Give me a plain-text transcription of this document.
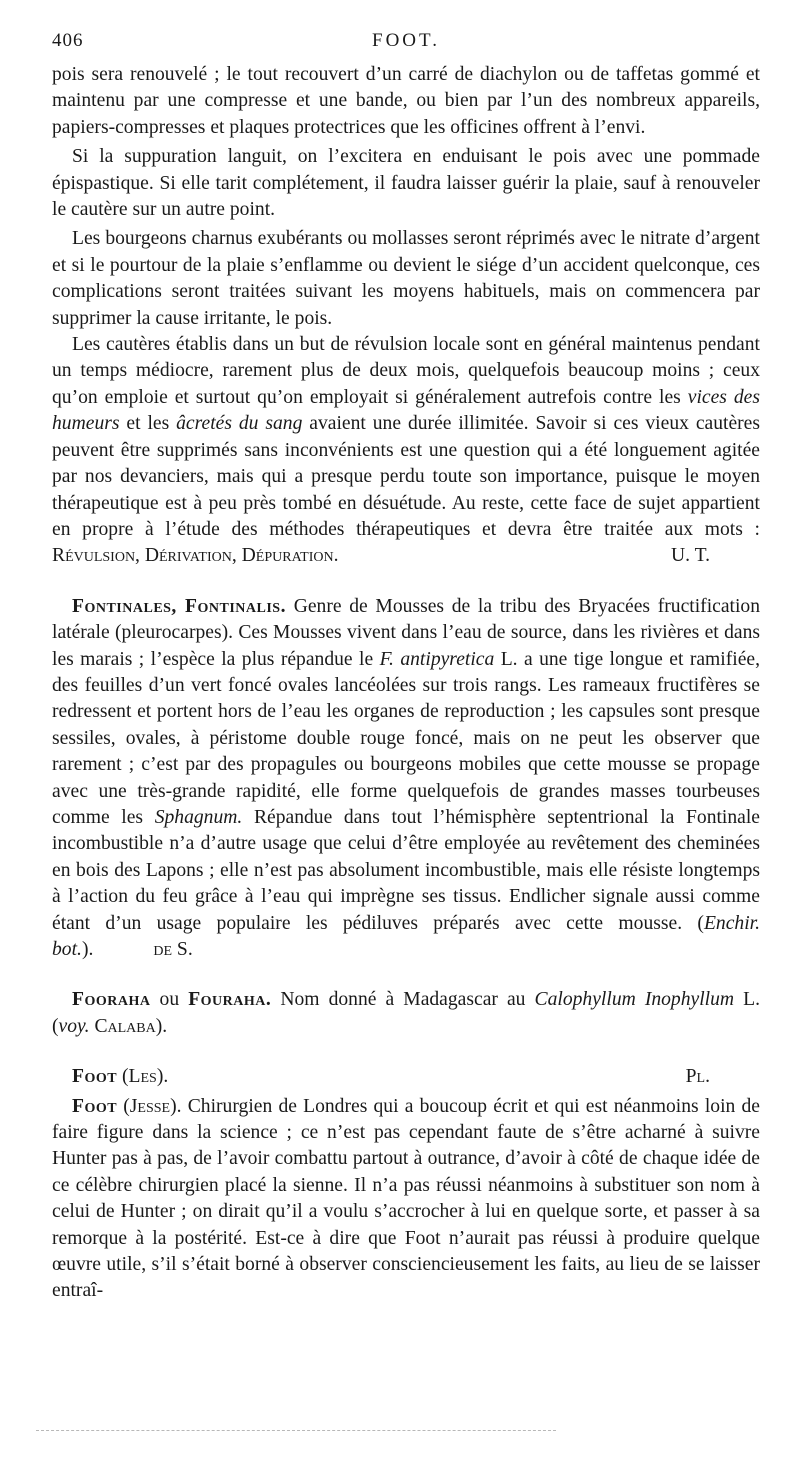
406	FOOT.

pois sera renouvelé ; le tout recouvert d’un carré de diachylon ou de taffetas gommé et maintenu par une compresse et une bande, ou bien par l’un des nombreux appareils, papiers-compresses et plaques protectrices que les officines offrent à l’envi.

Si la suppuration languit, on l’excitera en enduisant le pois avec une pommade épispastique. Si elle tarit complétement, il faudra laisser guérir la plaie, sauf à renouveler le cautère sur un autre point.

Les bourgeons charnus exubérants ou mollasses seront réprimés avec le nitrate d’argent et si le pourtour de la plaie s’enflamme ou devient le siége d’un accident quelconque, ces complications seront traitées suivant les moyens habituels, mais on commencera par supprimer la cause irritante, le pois.

Les cautères établis dans un but de révulsion locale sont en général maintenus pendant un temps médiocre, rarement plus de deux mois, quelquefois beaucoup moins ; ceux qu’on emploie et surtout qu’on employait si généralement autrefois contre les vices des humeurs et les âcretés du sang avaient une durée illimitée. Savoir si ces vieux cautères peuvent être supprimés sans inconvénients est une question qui a été longuement agitée par nos devanciers, mais qui a presque perdu toute son importance, puisque le moyen thérapeutique est à peu près tombé en désuétude. Au reste, cette face de sujet appartient en propre à l’étude des méthodes thérapeutiques et devra être traitée aux mots : Révulsion, Dérivation, Dépuration.	U. T.

Fontinales, Fontinalis. Genre de Mousses de la tribu des Bryacées fructification latérale (pleurocarpes). Ces Mousses vivent dans l’eau de source, dans les rivières et dans les marais ; l’espèce la plus répandue le F. antipyretica L. a une tige longue et ramifiée, des feuilles d’un vert foncé ovales lancéolées sur trois rangs. Les rameaux fructifères se redressent et portent hors de l’eau les organes de reproduction ; les capsules sont presque sessiles, ovales, à péristome double rouge foncé, mais on ne peut les observer que rarement ; c’est par des propagules ou bourgeons mobiles que cette mousse se propage avec une très-grande rapidité, elle forme quelquefois de grandes masses tourbeuses comme les Sphagnum. Répandue dans tout l’hémisphère septentrional la Fontinale incombustible n’a d’autre usage que celui d’être employée au revêtement des cheminées en bois des Lapons ; elle n’est pas absolument incombustible, mais elle résiste longtemps à l’action du feu grâce à l’eau qui imprègne ses tissus. Endlicher signale aussi comme étant d’un usage populaire les pédiluves préparés avec cette mousse. (Enchir. bot.).	de S.

Fooraha ou Fouraha. Nom donné à Madagascar au Calophyllum Inophyllum L. (voy. Calaba).

Foot (Les).	Pl.

Foot (Jesse). Chirurgien de Londres qui a boucoup écrit et qui est néanmoins loin de faire figure dans la science ; ce n’est pas cependant faute de s’être acharné à suivre Hunter pas à pas, de l’avoir combattu partout à outrance, d’avoir à côté de chaque idée de ce célèbre chirurgien placé la sienne. Il n’a pas réussi néanmoins à substituer son nom à celui de Hunter ; on dirait qu’il a voulu s’accrocher à lui en quelque sorte, et passer à sa remorque à la postérité. Est-ce à dire que Foot n’aurait pas réussi à produire quelque œuvre utile, s’il s’était borné à observer consciencieusement les faits, au lieu de se laisser entraî-
